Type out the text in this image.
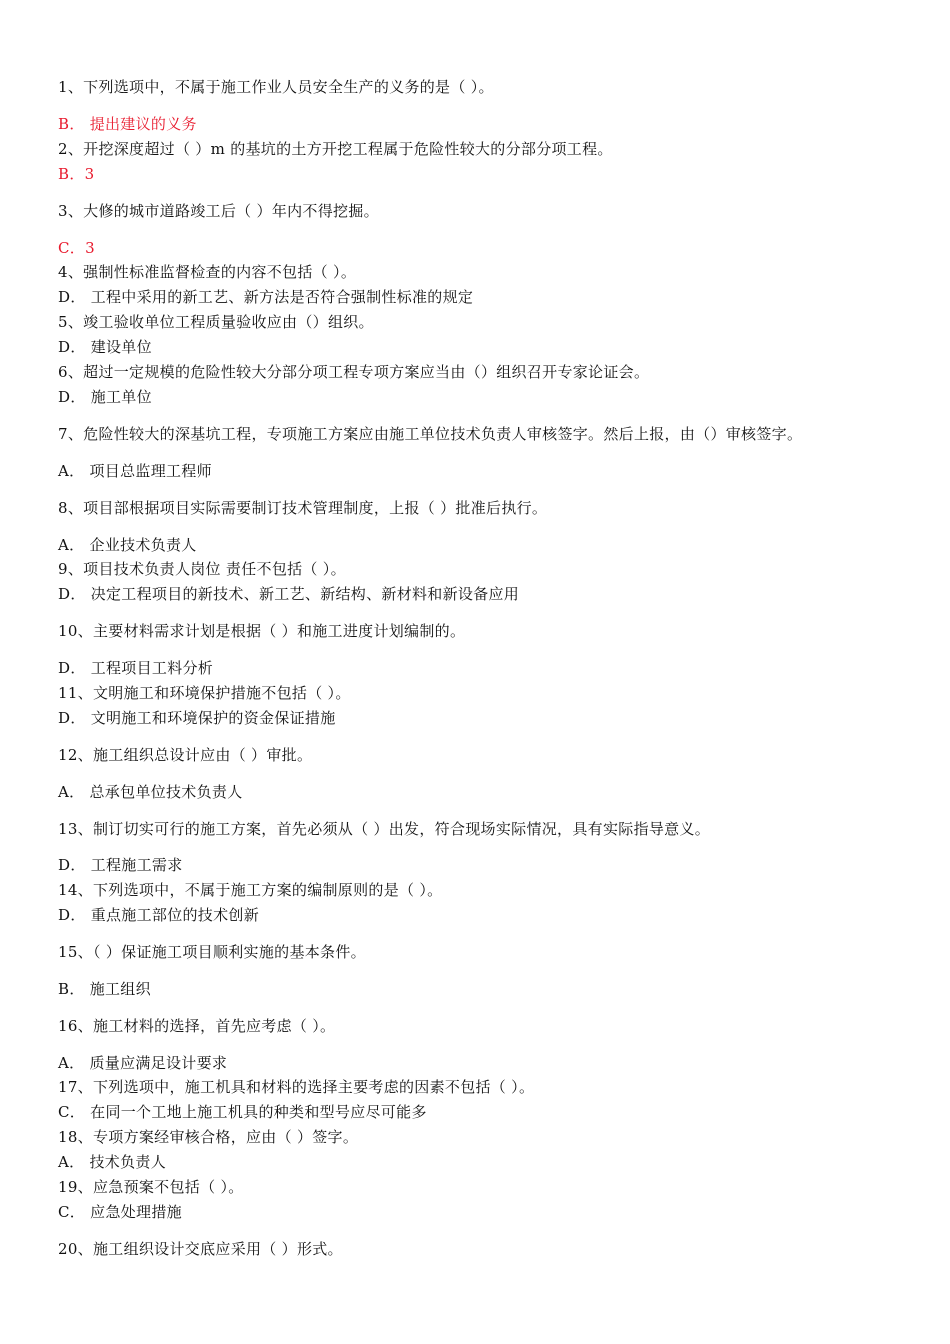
1、下列选项中，不属于施工作业人员安全生产的义务的是（ ）。
B． 提出建议的义务
2、开挖深度超过（ ）m 的基坑的土方开挖工程属于危险性较大的分部分项工程。
B．3
3、大修的城市道路竣工后（ ）年内不得挖掘。
C．3
4、强制性标准监督检查的内容不包括（ ）。
D． 工程中采用的新工艺、新方法是否符合强制性标准的规定
5、竣工验收单位工程质量验收应由（）组织。
D． 建设单位
6、超过一定规模的危险性较大分部分项工程专项方案应当由（）组织召开专家论证会。
D． 施工单位
7、危险性较大的深基坑工程，专项施工方案应由施工单位技术负责人审核签字。然后上报，由（）审核签字。
A． 项目总监理工程师
8、项目部根据项目实际需要制订技术管理制度，上报（ ）批准后执行。
A． 企业技术负责人
9、项目技术负责人岗位 责任不包括（ ）。
D． 决定工程项目的新技术、新工艺、新结构、新材料和新设备应用
10、主要材料需求计划是根据（ ）和施工进度计划编制的。
D． 工程项目工料分析
11、文明施工和环境保护措施不包括（ ）。
D． 文明施工和环境保护的资金保证措施
12、施工组织总设计应由（ ）审批。
A． 总承包单位技术负责人
13、制订切实可行的施工方案，首先必须从（ ）出发，符合现场实际情况，具有实际指导意义。
D． 工程施工需求
14、下列选项中，不属于施工方案的编制原则的是（ ）。
D． 重点施工部位的技术创新
15、（ ）保证施工项目顺利实施的基本条件。
B． 施工组织
16、施工材料的选择，首先应考虑（ ）。
A． 质量应满足设计要求
17、下列选项中，施工机具和材料的选择主要考虑的因素不包括（ ）。
C． 在同一个工地上施工机具的种类和型号应尽可能多
18、专项方案经审核合格，应由（ ）签字。
A． 技术负责人
19、应急预案不包括（ ）。
C． 应急处理措施
20、施工组织设计交底应采用（ ）形式。
